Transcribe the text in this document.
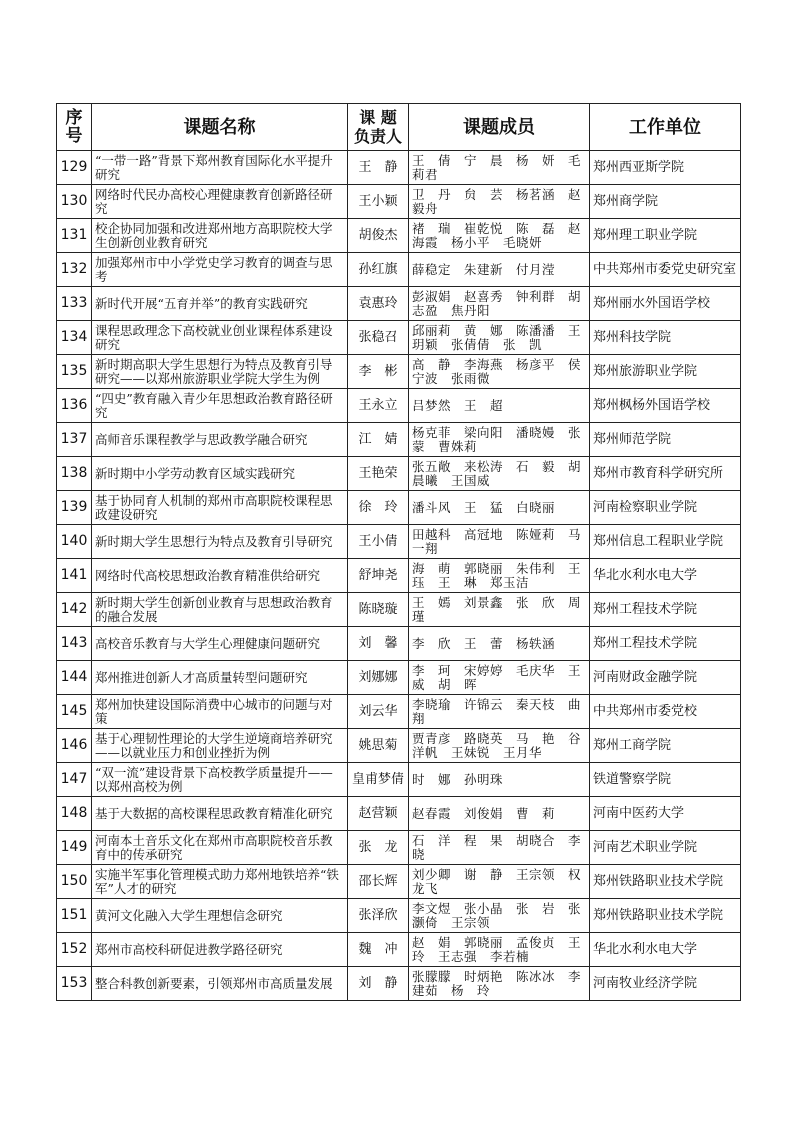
序号	课题名称	课 题 负责人	课题成员	工作单位

129	“一带一路”背景下郑州教育国际化水平提升研究	王　静	王　倩　宁　晨　杨　妍　毛莉君	郑州西亚斯学院

130	网络时代民办高校心理健康教育创新路径研究	王小颖	卫　丹　贠　芸　杨茗涵　赵毅舟	郑州商学院

131	校企协同加强和改进郑州地方高职院校大学生创新创业教育研究	胡俊杰	褚　瑞　崔乾悦　陈　磊　赵海霞　杨小平　毛晓妍	郑州理工职业学院

132	加强郑州市中小学党史学习教育的调查与思考	孙红旗	薛稳定　朱建新　付月滢	中共郑州市委党史研究室

133	新时代开展“五育并举”的教育实践研究	袁惠玲	彭淑娟　赵喜秀　钟利群　胡志盈　焦丹阳	郑州丽水外国语学校

134	课程思政理念下高校就业创业课程体系建设研究	张稳召	邱丽莉　黄　娜　陈潘潘　王玥颖　张倩倩　张　凯	郑州科技学院

135	新时期高职大学生思想行为特点及教育引导研究——以郑州旅游职业学院大学生为例	李　彬	高　静　李海燕　杨彦平　侯宁波　张雨微	郑州旅游职业学院

136	“四史”教育融入青少年思想政治教育路径研究	王永立	吕梦然　王　超	郑州枫杨外国语学校

137	高师音乐课程教学与思政教学融合研究	江　婧	杨克菲　梁向阳　潘晓嫚　张　蒙　曹姝莉	郑州师范学院

138	新时期中小学劳动教育区域实践研究	王艳荣	张五敞　来松涛　石　毅　胡晨曦　王国威	郑州市教育科学研究所

139	基于协同育人机制的郑州市高职院校课程思政建设研究	徐　玲	潘斗风　王　猛　白晓丽	河南检察职业学院

140	新时期大学生思想行为特点及教育引导研究	王小倩	田越科　高冠地　陈娅莉　马一翔	郑州信息工程职业学院

141	网络时代高校思想政治教育精准供给研究	舒坤尧	海　萌　郭晓丽　朱伟利　王　珏　王　琳　郑玉洁	华北水利水电大学

142	新时期大学生创新创业教育与思想政治教育的融合发展	陈晓璇	王　嫣　刘景鑫　张　欣　周　瑾	郑州工程技术学院

143	高校音乐教育与大学生心理健康问题研究	刘　馨	李　欣　王　蕾　杨轶涵	郑州工程技术学院

144	郑州推进创新人才高质量转型问题研究	刘娜娜	李　珂　宋婷婷　毛庆华　王　威　胡　晖	河南财政金融学院

145	郑州加快建设国际消费中心城市的问题与对策	刘云华	李晓瑜　许锦云　秦天枝　曲　翔	中共郑州市委党校

146	基于心理韧性理论的大学生逆境商培养研究——以就业压力和创业挫折为例	姚思菊	贾青彦　路晓英　马　艳　谷洋帆　王妹锐　王月华	郑州工商学院

147	“双一流”建设背景下高校教学质量提升——以郑州高校为例	皇甫梦倩	时　娜　孙明珠	铁道警察学院

148	基于大数据的高校课程思政教育精准化研究	赵营颖	赵春霞　刘俊娟　曹　莉	河南中医药大学

149	河南本土音乐文化在郑州市高职院校音乐教育中的传承研究	张　龙	石　洋　程　果　胡晓合　李　晓	河南艺术职业学院

150	实施半军事化管理模式助力郑州地铁培养“铁军”人才的研究	邵长辉	刘少卿　谢　静　王宗领　权龙飞	郑州铁路职业技术学院

151	黄河文化融入大学生理想信念研究	张泽欣	李文煜　张小晶　张　岩　张灏倚　王宗领	郑州铁路职业技术学院

152	郑州市高校科研促进教学路径研究	魏　冲	赵　娟　郭晓丽　孟俊贞　王　玲　王志强　李若楠	华北水利水电大学

153	整合科教创新要素，引领郑州市高质量发展	刘　静	张朦朦　时炳艳　陈冰冰　李建茹　杨　玲	河南牧业经济学院
